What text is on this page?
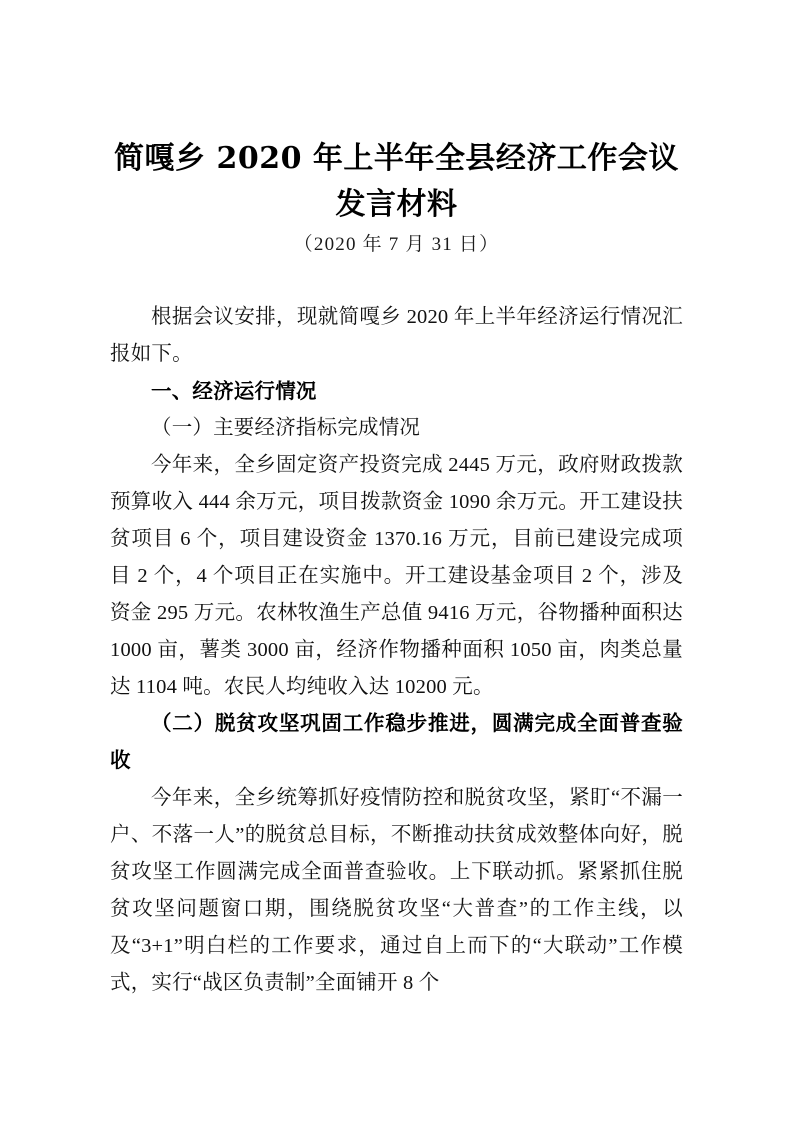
简嘎乡 2020 年上半年全县经济工作会议发言材料

（2020 年 7 月 31 日）

根据会议安排，现就简嘎乡 2020 年上半年经济运行情况汇报如下。

一、经济运行情况

（一）主要经济指标完成情况

今年来，全乡固定资产投资完成 2445 万元，政府财政拨款预算收入 444 余万元，项目拨款资金 1090 余万元。开工建设扶贫项目 6 个，项目建设资金 1370.16 万元，目前已建设完成项目 2 个，4 个项目正在实施中。开工建设基金项目 2 个，涉及资金 295 万元。农林牧渔生产总值 9416 万元，谷物播种面积达 1000 亩，薯类 3000 亩，经济作物播种面积 1050 亩，肉类总量达 1104 吨。农民人均纯收入达 10200 元。

（二）脱贫攻坚巩固工作稳步推进，圆满完成全面普查验收

今年来，全乡统筹抓好疫情防控和脱贫攻坚，紧盯“不漏一户、不落一人”的脱贫总目标，不断推动扶贫成效整体向好，脱贫攻坚工作圆满完成全面普查验收。上下联动抓。紧紧抓住脱贫攻坚问题窗口期，围绕脱贫攻坚“大普查”的工作主线，以及“3+1”明白栏的工作要求，通过自上而下的“大联动”工作模式，实行“战区负责制”全面铺开 8 个
